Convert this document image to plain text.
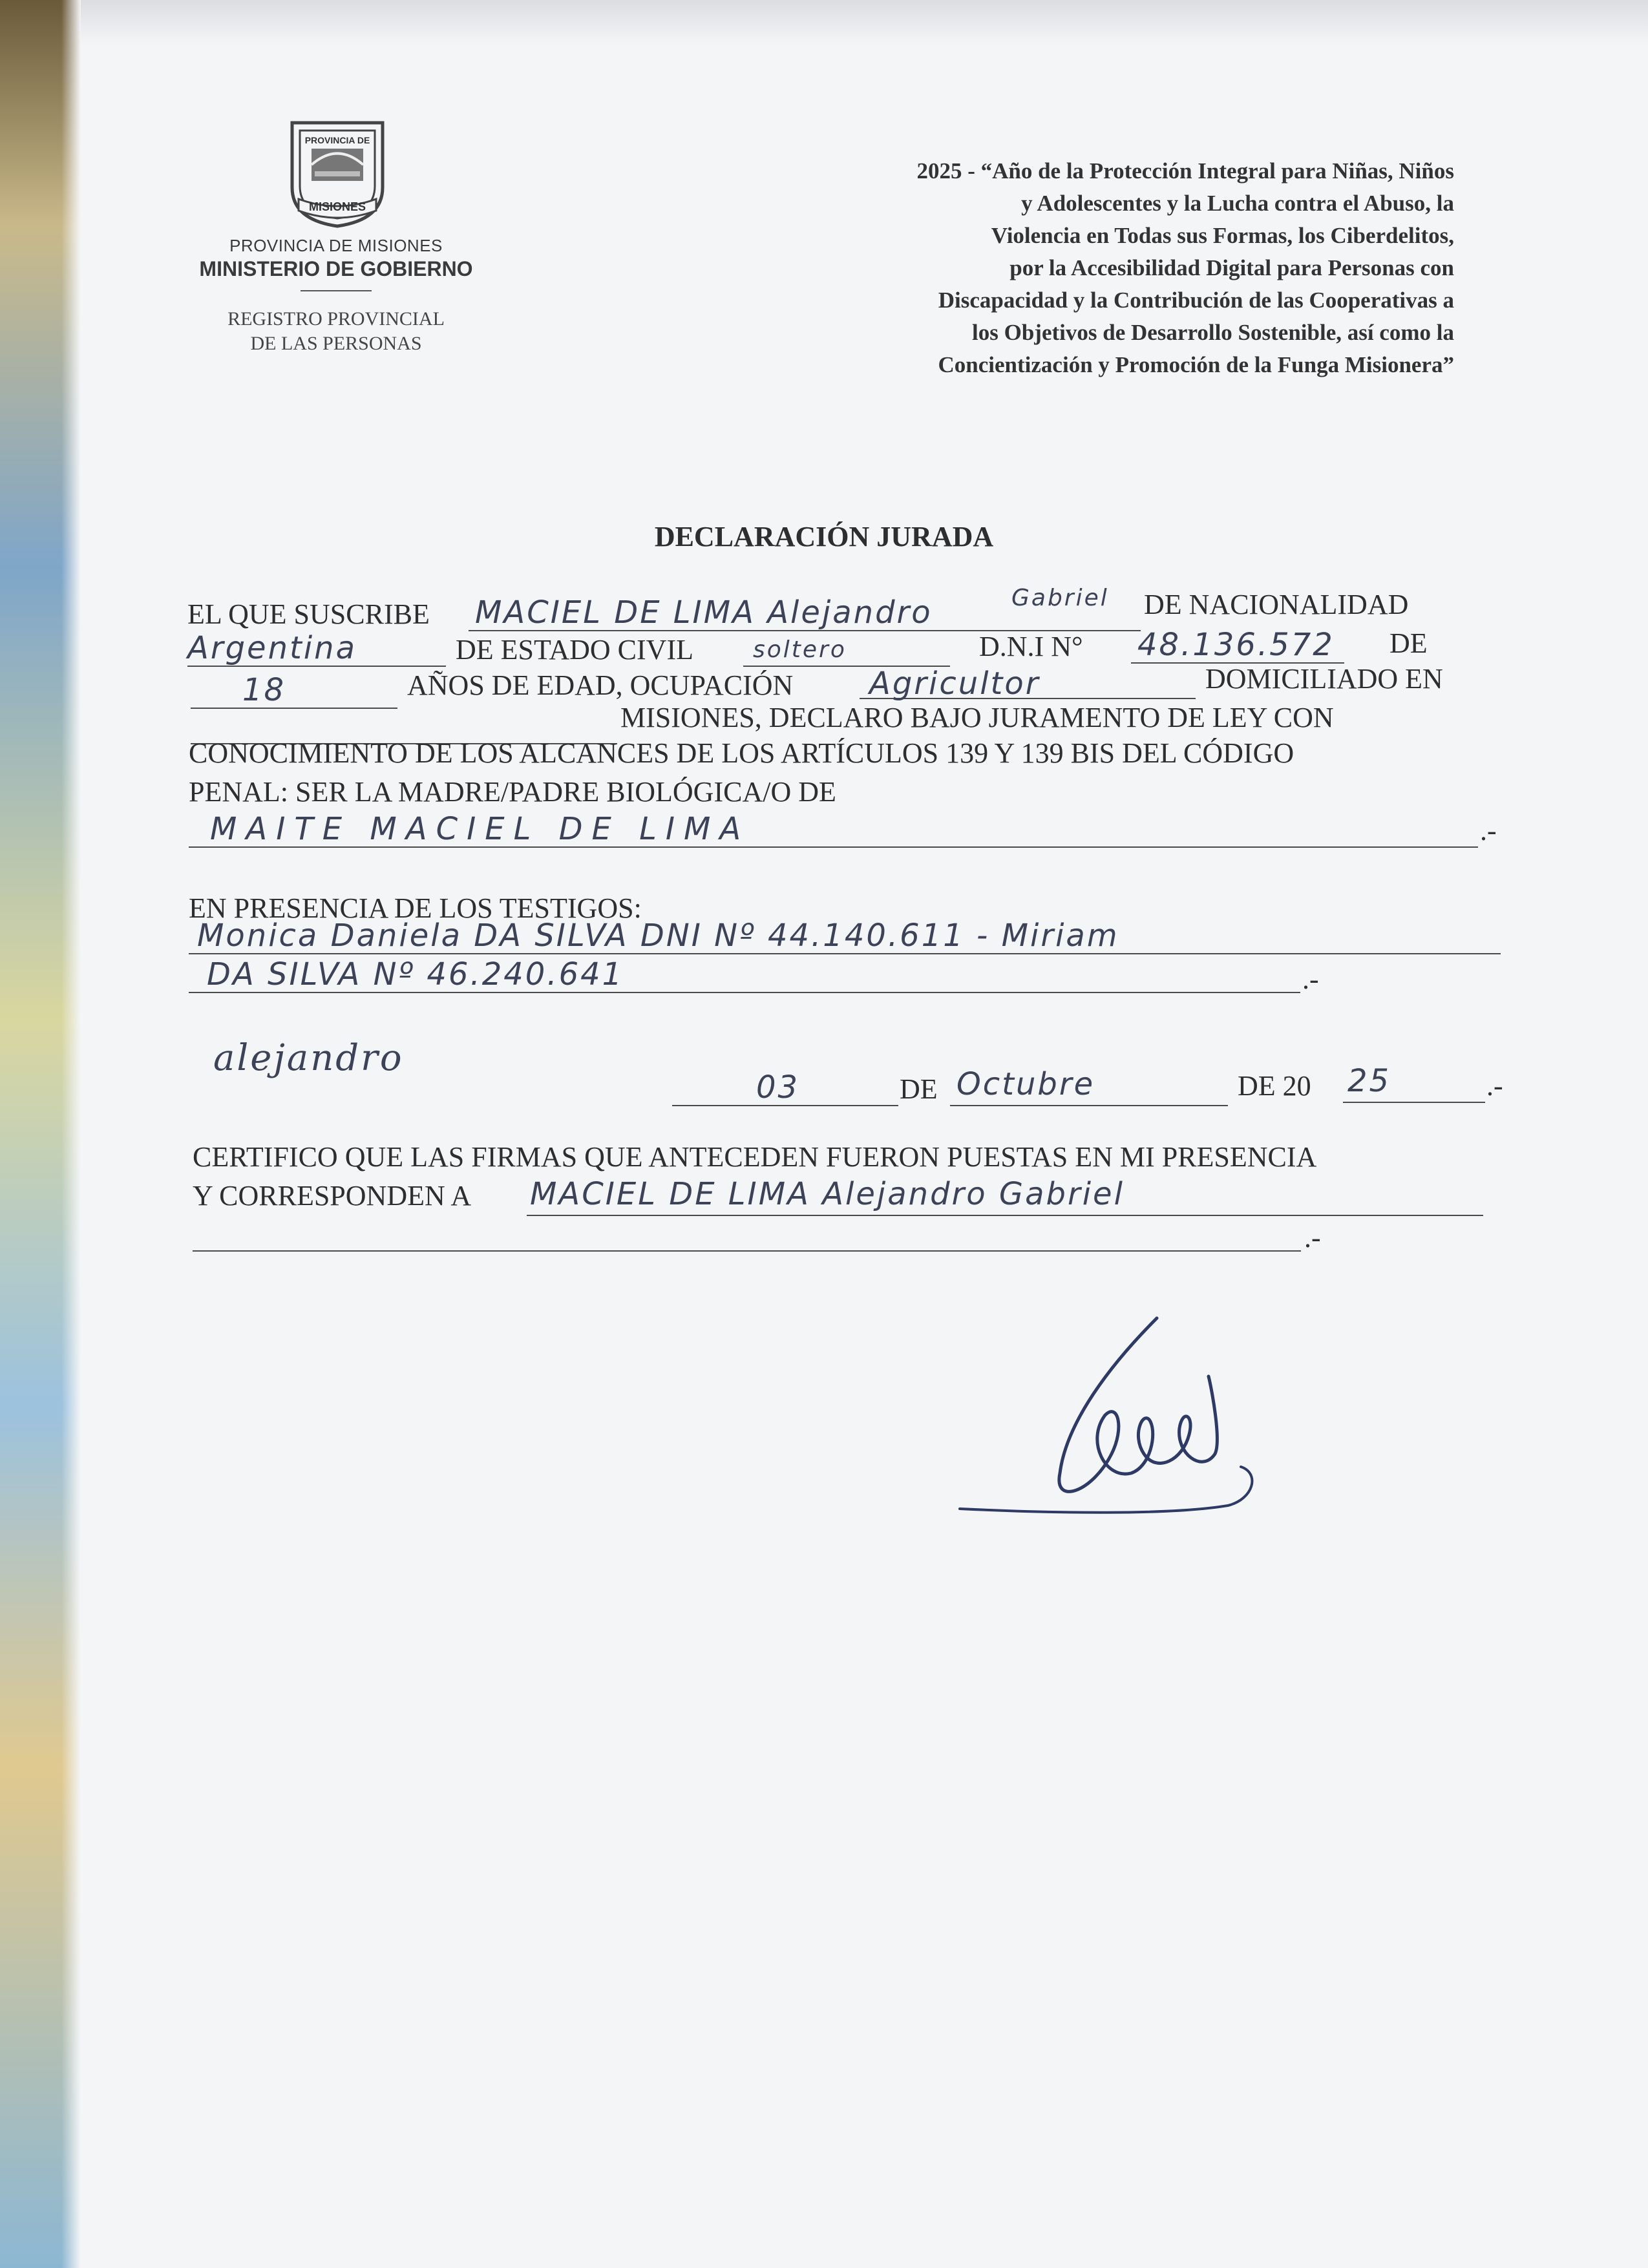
PROVINCIA DE
MISIONES
PROVINCIA DE MISIONES
MINISTERIO DE GOBIERNO
REGISTRO PROVINCIAL
DE LAS PERSONAS
2025 - “Año de la Protección Integral para Niñas, Niños
y Adolescentes y la Lucha contra el Abuso, la
Violencia en Todas sus Formas, los Ciberdelitos,
por la Accesibilidad Digital para Personas con
Discapacidad y la Contribución de las Cooperativas a
los Objetivos de Desarrollo Sostenible, así como la
Concientización y Promoción de la Funga Misionera”
DECLARACIÓN JURADA
EL QUE SUSCRIBE MACIEL DE LIMA Alejandro	Gabriel DE NACIONALIDAD
Argentina	DE ESTADO CIVIL	soltero	D.N.I N° 48.136.572 DE
18	AÑOS DE EDAD, OCUPACIÓN Agricultor	DOMICILIADO EN
MISIONES, DECLARO BAJO JURAMENTO DE LEY CON
CONOCIMIENTO DE LOS ALCANCES DE LOS ARTÍCULOS 139 Y 139 BIS DEL CÓDIGO
PENAL: SER LA MADRE/PADRE BIOLÓGICA/O DE
MAITE MACIEL DE LIMA	.-
EN PRESENCIA DE LOS TESTIGOS:
Monica Daniela DA SILVA DNI Nº 44.140.611 - Miriam
DA SILVA Nº 46.240.641	.-
alejandro
03	DE Octubre	DE 20 25	.-
CERTIFICO QUE LAS FIRMAS QUE ANTECEDEN FUERON PUESTAS EN MI PRESENCIA
Y CORRESPONDEN A MACIEL DE LIMA Alejandro Gabriel
.-
